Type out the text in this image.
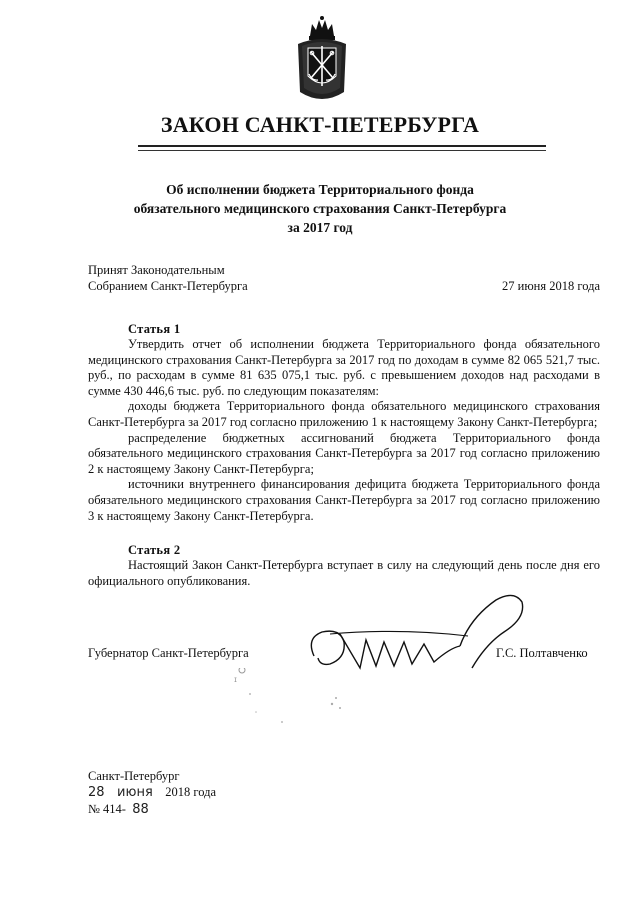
ЗАКОН САНКТ-ПЕТЕРБУРГА
Об исполнении бюджета Территориального фонда
обязательного медицинского страхования Санкт-Петербурга
за 2017 год
Принят Законодательным
Собранием Санкт-Петербурга	27 июня 2018 года
Статья 1

Утвердить отчет об исполнении бюджета Территориального фонда обязательного медицинского страхования Санкт-Петербурга за 2017 год по доходам в сумме 82 065 521,7 тыс. руб., по расходам в сумме 81 635 075,1 тыс. руб. с превышением доходов над расходами в сумме 430 446,6 тыс. руб. по следующим показателям:

доходы бюджета Территориального фонда обязательного медицинского страхования Санкт-Петербурга за 2017 год согласно приложению 1 к настоящему Закону Санкт-Петербурга;

распределение бюджетных ассигнований бюджета Территориального фонда обязательного медицинского страхования Санкт-Петербурга за 2017 год согласно приложению 2 к настоящему Закону Санкт-Петербурга;

источники внутреннего финансирования дефицита бюджета Территориального фонда обязательного медицинского страхования Санкт-Петербурга за 2017 год согласно приложению 3 к настоящему Закону Санкт-Петербурга.

Статья 2

Настоящий Закон Санкт-Петербурга вступает в силу на следующий день после дня его официального опубликования.

Губернатор Санкт-Петербурга	Г.С. Полтавченко
ɪ
Санкт-Петербург
28 июня 2018 года
№ 414- 88
